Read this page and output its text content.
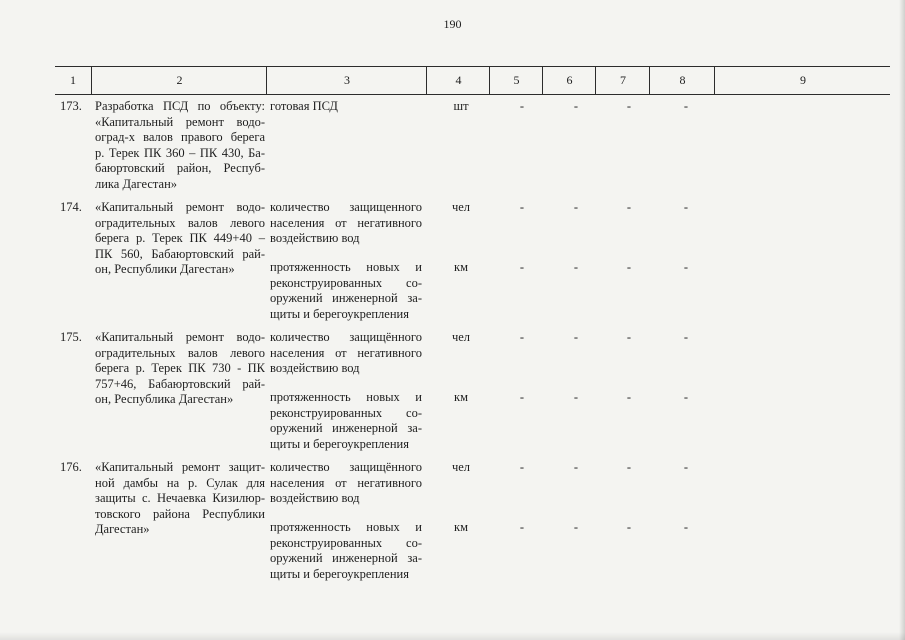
190
1	2	3	4	5	6	7	8	9
173.	Разработка ПСД по объекту:
«Капитальный ремонт водо-
оград-х валов правого берега
р. Терек ПК 360 – ПК 430, Ба-
баюртовский район, Респуб-
лика Дагестан»
готовая ПСД	шт	-	-	-	-
174.	«Капитальный ремонт водо-
оградительных валов левого
берега р. Терек ПК 449+40 –
ПК 560, Бабаюртовский рай-
он, Республики Дагестан»
количество защищенного
населения от негативного
воздействию вод
чел	-	-	-	-
протяженность новых и
реконструированных со-
оружений инженерной за-
щиты и берегоукрепления
км	-	-	-	-
175.	«Капитальный ремонт водо-
оградительных валов левого
берега р. Терек ПК 730 - ПК
757+46, Бабаюртовский рай-
он, Республика Дагестан»
количество защищённого
населения от негативного
воздействию вод
чел	-	-	-	-
протяженность новых и
реконструированных со-
оружений инженерной за-
щиты и берегоукрепления
км	-	-	-	-
176.	«Капитальный ремонт защит-
ной дамбы на р. Сулак для
защиты с. Нечаевка Кизилюр-
товского района Республики
Дагестан»
количество защищённого
населения от негативного
воздействию вод
чел	-	-	-	-
протяженность новых и
реконструированных со-
оружений инженерной за-
щиты и берегоукрепления
км	-	-	-	-
